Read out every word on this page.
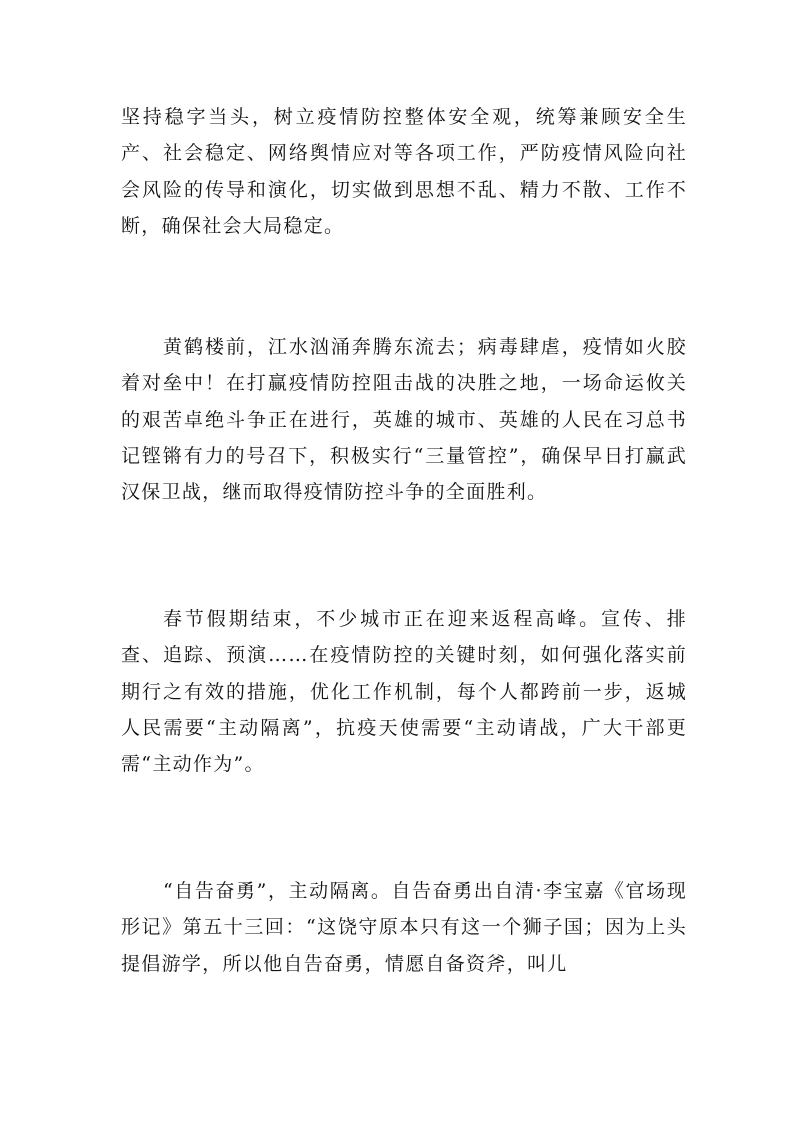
坚持稳字当头，树立疫情防控整体安全观，统筹兼顾安全生产、社会稳定、网络舆情应对等各项工作，严防疫情风险向社会风险的传导和演化，切实做到思想不乱、精力不散、工作不断，确保社会大局稳定。

黄鹤楼前，江水汹涌奔腾东流去；病毒肆虐，疫情如火胶着对垒中！在打赢疫情防控阻击战的决胜之地，一场命运攸关的艰苦卓绝斗争正在进行，英雄的城市、英雄的人民在习总书记铿锵有力的号召下，积极实行“三量管控”，确保早日打赢武汉保卫战，继而取得疫情防控斗争的全面胜利。

春节假期结束，不少城市正在迎来返程高峰。宣传、排查、追踪、预演……在疫情防控的关键时刻，如何强化落实前期行之有效的措施，优化工作机制，每个人都跨前一步，返城人民需要“主动隔离”，抗疫天使需要“主动请战，广大干部更需“主动作为”。

“自告奋勇”，主动隔离。自告奋勇出自清·李宝嘉《官场现形记》第五十三回：“这饶守原本只有这一个狮子国；因为上头提倡游学，所以他自告奋勇，情愿自备资斧，叫儿
